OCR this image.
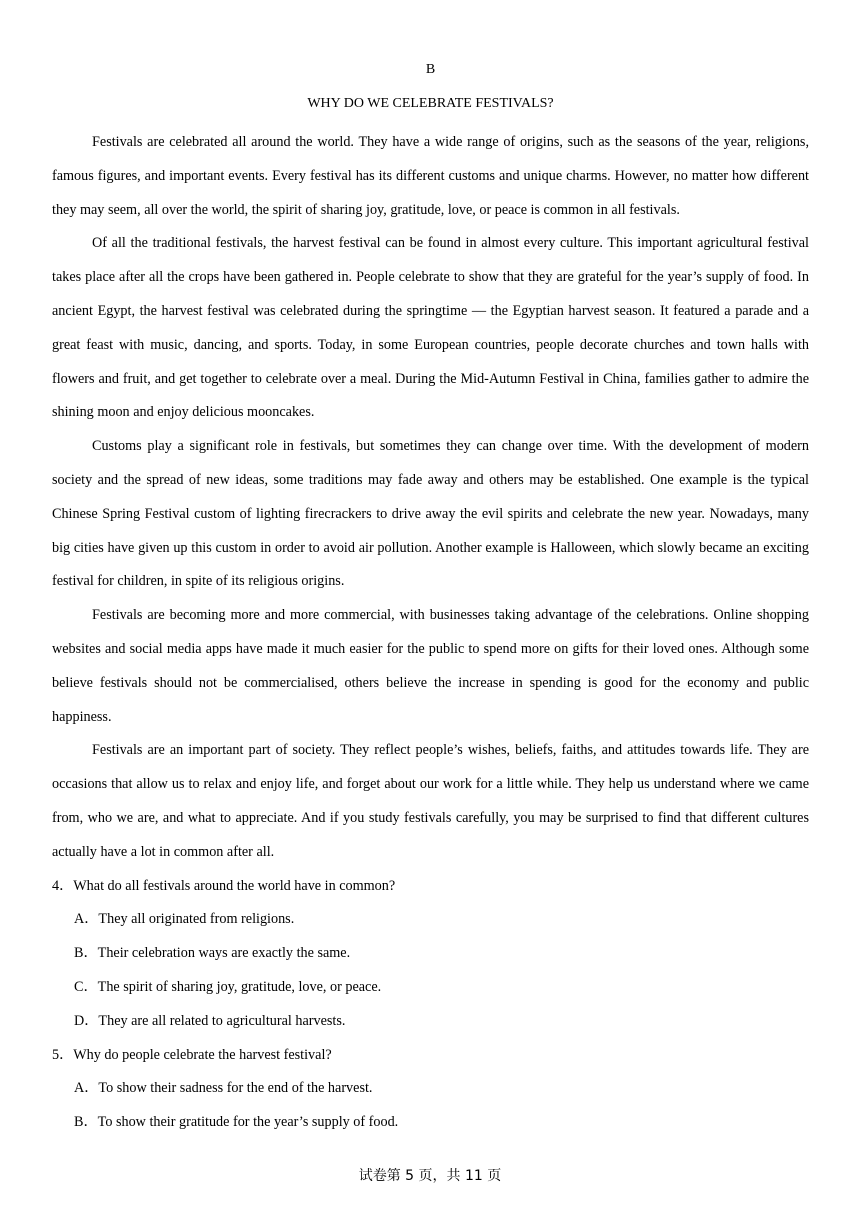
B
WHY DO WE CELEBRATE FESTIVALS?

Festivals are celebrated all around the world. They have a wide range of origins, such as the seasons of the year, religions, famous figures, and important events. Every festival has its different customs and unique charms. However, no matter how different they may seem, all over the world, the spirit of sharing joy, gratitude, love, or peace is common in all festivals.

Of all the traditional festivals, the harvest festival can be found in almost every culture. This important agricultural festival takes place after all the crops have been gathered in. People celebrate to show that they are grateful for the year’s supply of food. In ancient Egypt, the harvest festival was celebrated during the springtime — the Egyptian harvest season. It featured a parade and a great feast with music, dancing, and sports. Today, in some European countries, people decorate churches and town halls with flowers and fruit, and get together to celebrate over a meal. During the Mid-Autumn Festival in China, families gather to admire the shining moon and enjoy delicious mooncakes.

Customs play a significant role in festivals, but sometimes they can change over time. With the development of modern society and the spread of new ideas, some traditions may fade away and others may be established. One example is the typical Chinese Spring Festival custom of lighting firecrackers to drive away the evil spirits and celebrate the new year. Nowadays, many big cities have given up this custom in order to avoid air pollution. Another example is Halloween, which slowly became an exciting festival for children, in spite of its religious origins.

Festivals are becoming more and more commercial, with businesses taking advantage of the celebrations. Online shopping websites and social media apps have made it much easier for the public to spend more on gifts for their loved ones. Although some believe festivals should not be commercialised, others believe the increase in spending is good for the economy and public happiness.

Festivals are an important part of society. They reflect people’s wishes, beliefs, faiths, and attitudes towards life. They are occasions that allow us to relax and enjoy life, and forget about our work for a little while. They help us understand where we came from, who we are, and what to appreciate. And if you study festivals carefully, you may be surprised to find that different cultures actually have a lot in common after all.

4．What do all festivals around the world have in common?

A．They all originated from religions.

B．Their celebration ways are exactly the same.

C．The spirit of sharing joy, gratitude, love, or peace.

D．They are all related to agricultural harvests.

5．Why do people celebrate the harvest festival?

A．To show their sadness for the end of the harvest.

B．To show their gratitude for the year’s supply of food.

试卷第 5 页，共 11 页
